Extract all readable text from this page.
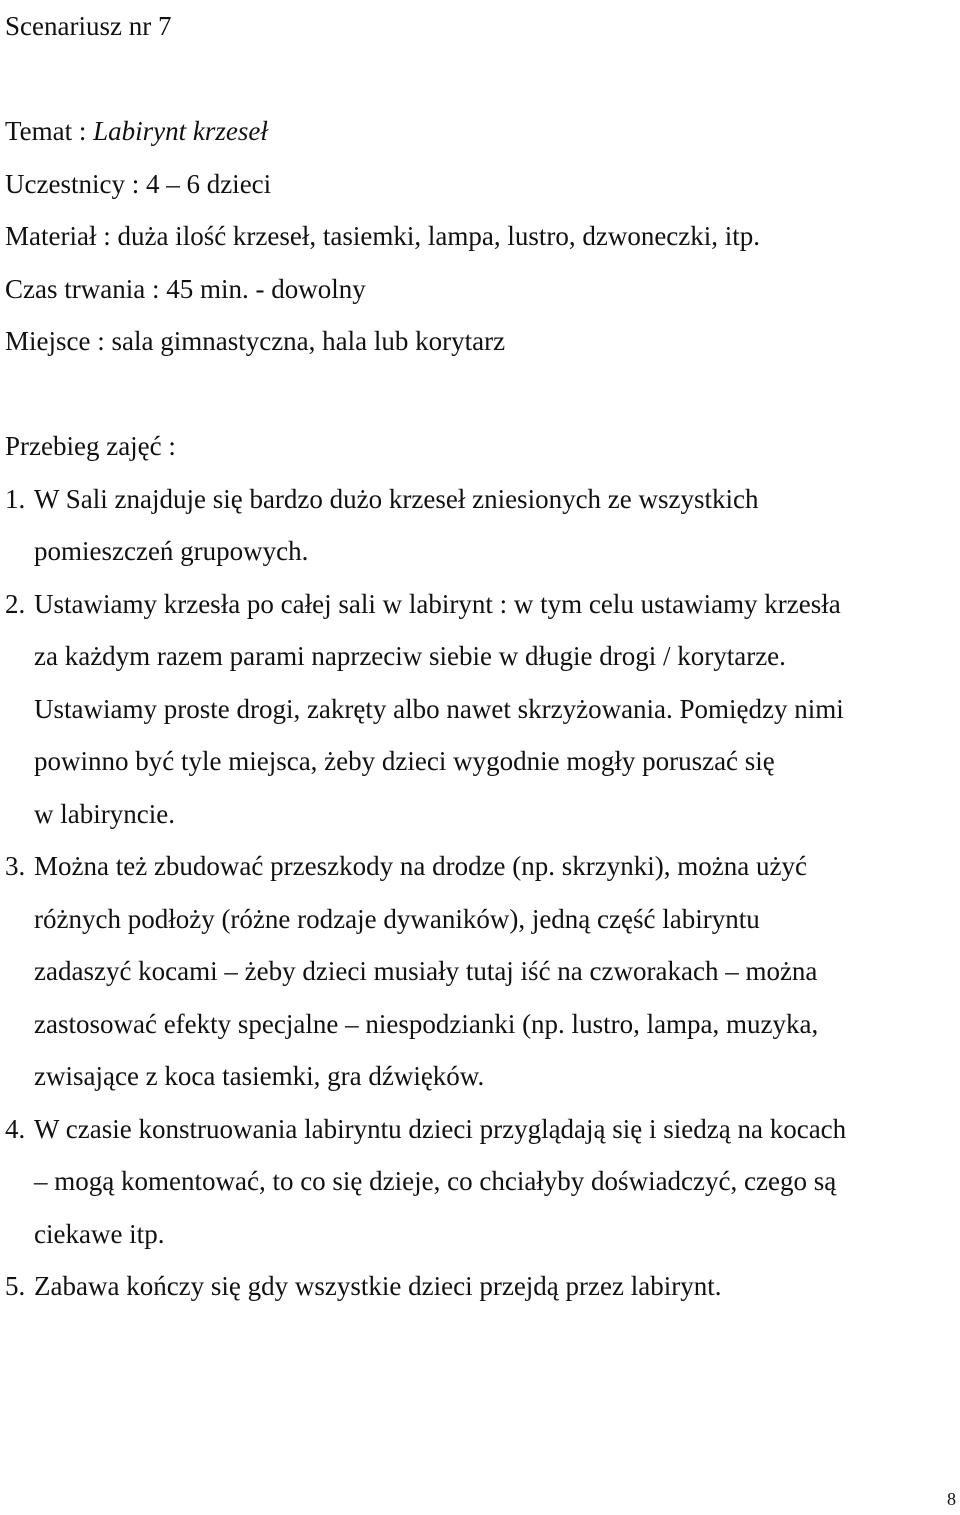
Scenariusz nr 7
Temat : Labirynt krzeseł
Uczestnicy : 4 – 6 dzieci
Materiał : duża ilość krzeseł, tasiemki, lampa, lustro, dzwoneczki, itp.
Czas trwania : 45 min. - dowolny
Miejsce : sala gimnastyczna, hala lub korytarz
Przebieg zajęć :
1. W Sali znajduje się bardzo dużo krzeseł zniesionych ze wszystkich
pomieszczeń grupowych.
2. Ustawiamy krzesła po całej sali w labirynt : w tym celu ustawiamy krzesła
za każdym razem parami naprzeciw siebie w długie drogi / korytarze.
Ustawiamy proste drogi, zakręty albo nawet skrzyżowania. Pomiędzy nimi
powinno być tyle miejsca, żeby dzieci wygodnie mogły poruszać się
w labiryncie.
3. Można też zbudować przeszkody na drodze (np. skrzynki), można użyć
różnych podłoży (różne rodzaje dywaników), jedną część labiryntu
zadaszyć kocami – żeby dzieci musiały tutaj iść na czworakach – można
zastosować efekty specjalne – niespodzianki (np. lustro, lampa, muzyka,
zwisające z koca tasiemki, gra dźwięków.
4. W czasie konstruowania labiryntu dzieci przyglądają się i siedzą na kocach
– mogą komentować, to co się dzieje, co chciałyby doświadczyć, czego są
ciekawe itp.
5. Zabawa kończy się gdy wszystkie dzieci przejdą przez labirynt.
8
